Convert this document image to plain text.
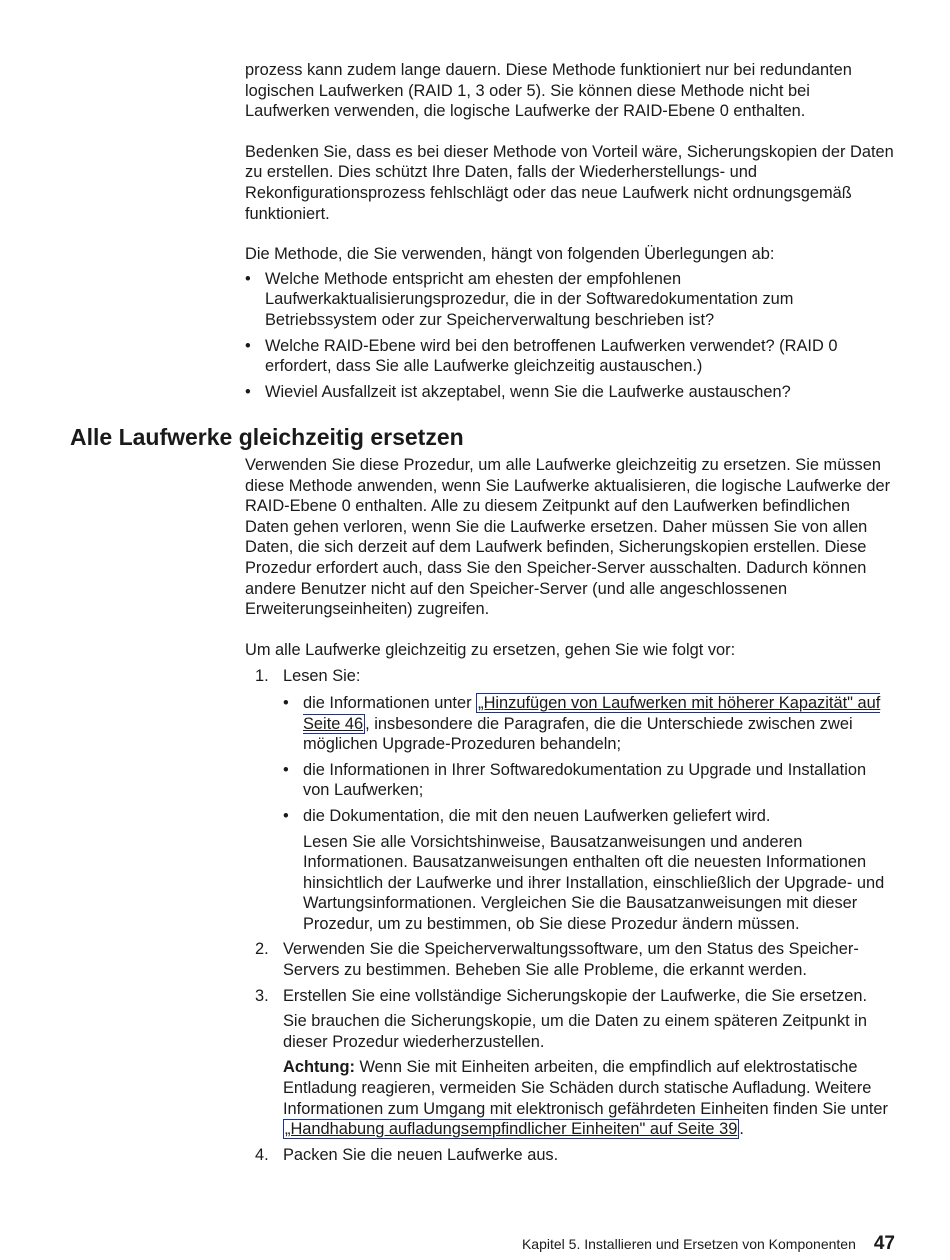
prozess kann zudem lange dauern. Diese Methode funktioniert nur bei redundanten logischen Laufwerken (RAID 1, 3 oder 5). Sie können diese Methode nicht bei Laufwerken verwenden, die logische Laufwerke der RAID-Ebene 0 enthalten.

Bedenken Sie, dass es bei dieser Methode von Vorteil wäre, Sicherungskopien der Daten zu erstellen. Dies schützt Ihre Daten, falls der Wiederherstellungs- und Rekonfigurationsprozess fehlschlägt oder das neue Laufwerk nicht ordnungsgemäß funktioniert.

Die Methode, die Sie verwenden, hängt von folgenden Überlegungen ab:

• Welche Methode entspricht am ehesten der empfohlenen Laufwerkaktualisierungsprozedur, die in der Softwaredokumentation zum Betriebssystem oder zur Speicherverwaltung beschrieben ist?
• Welche RAID-Ebene wird bei den betroffenen Laufwerken verwendet? (RAID 0 erfordert, dass Sie alle Laufwerke gleichzeitig austauschen.)
• Wieviel Ausfallzeit ist akzeptabel, wenn Sie die Laufwerke austauschen?
Alle Laufwerke gleichzeitig ersetzen

Verwenden Sie diese Prozedur, um alle Laufwerke gleichzeitig zu ersetzen. Sie müssen diese Methode anwenden, wenn Sie Laufwerke aktualisieren, die logische Laufwerke der RAID-Ebene 0 enthalten. Alle zu diesem Zeitpunkt auf den Laufwerken befindlichen Daten gehen verloren, wenn Sie die Laufwerke ersetzen. Daher müssen Sie von allen Daten, die sich derzeit auf dem Laufwerk befinden, Sicherungskopien erstellen. Diese Prozedur erfordert auch, dass Sie den Speicher-Server ausschalten. Dadurch können andere Benutzer nicht auf den Speicher-Server (und alle angeschlossenen Erweiterungseinheiten) zugreifen.

Um alle Laufwerke gleichzeitig zu ersetzen, gehen Sie wie folgt vor:

1. Lesen Sie:
• die Informationen unter „Hinzufügen von Laufwerken mit höherer Kapazität" auf Seite 46 , insbesondere die Paragrafen, die die Unterschiede zwischen zwei möglichen Upgrade-Prozeduren behandeln;
• die Informationen in Ihrer Softwaredokumentation zu Upgrade und Installation von Laufwerken;
• die Dokumentation, die mit den neuen Laufwerken geliefert wird.

Lesen Sie alle Vorsichtshinweise, Bausatzanweisungen und anderen Informationen. Bausatzanweisungen enthalten oft die neuesten Informationen hinsichtlich der Laufwerke und ihrer Installation, einschließlich der Upgrade- und Wartungsinformationen. Vergleichen Sie die Bausatzanweisungen mit dieser Prozedur, um zu bestimmen, ob Sie diese Prozedur ändern müssen.

2. Verwenden Sie die Speicherverwaltungssoftware, um den Status des Speicher-Servers zu bestimmen. Beheben Sie alle Probleme, die erkannt werden.
3. Erstellen Sie eine vollständige Sicherungskopie der Laufwerke, die Sie ersetzen.

Sie brauchen die Sicherungskopie, um die Daten zu einem späteren Zeitpunkt in dieser Prozedur wiederherzustellen.

Achtung: Wenn Sie mit Einheiten arbeiten, die empfindlich auf elektrostatische Entladung reagieren, vermeiden Sie Schäden durch statische Aufladung. Weitere Informationen zum Umgang mit elektronisch gefährdeten Einheiten finden Sie unter „Handhabung aufladungsempfindlicher Einheiten" auf Seite 39 .

4. Packen Sie die neuen Laufwerke aus.
Kapitel 5. Installieren und Ersetzen von Komponenten 47
